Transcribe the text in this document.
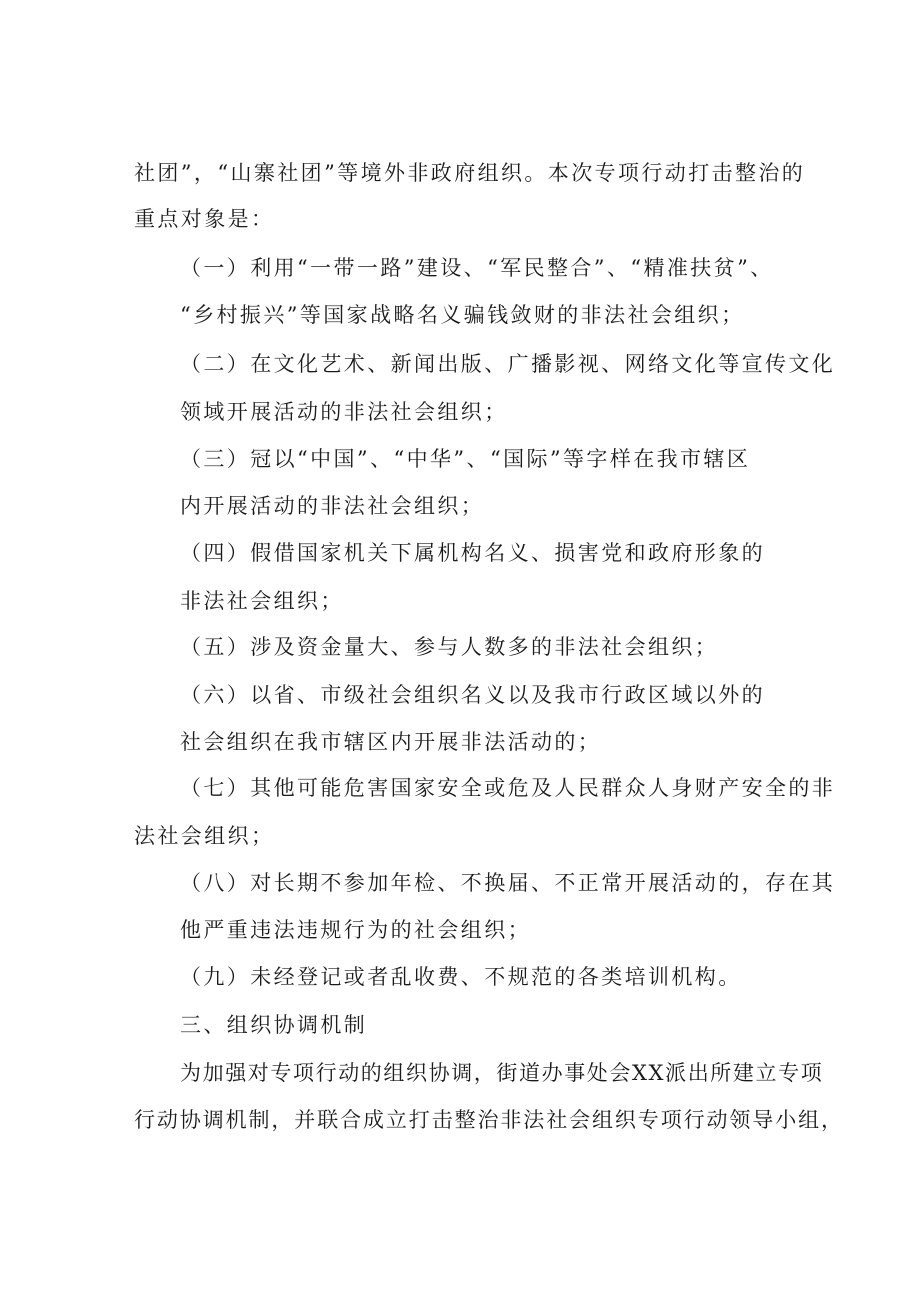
社团”，“山寨社团”等境外非政府组织。本次专项行动打击整治的
重点对象是：
（一）利用“一带一路”建设、“军民整合”、“精准扶贫”、
“乡村振兴”等国家战略名义骗钱敛财的非法社会组织；
（二）在文化艺术、新闻出版、广播影视、网络文化等宣传文化
领域开展活动的非法社会组织；
（三）冠以“中国”、“中华”、“国际”等字样在我市辖区
内开展活动的非法社会组织；
（四）假借国家机关下属机构名义、损害党和政府形象的
非法社会组织；
（五）涉及资金量大、参与人数多的非法社会组织；
（六）以省、市级社会组织名义以及我市行政区域以外的
社会组织在我市辖区内开展非法活动的；
（七）其他可能危害国家安全或危及人民群众人身财产安全的非
法社会组织；
（八）对长期不参加年检、不换届、不正常开展活动的，存在其
他严重违法违规行为的社会组织；
（九）未经登记或者乱收费、不规范的各类培训机构。
三、组织协调机制
为加强对专项行动的组织协调，街道办事处会XX派出所建立专项
行动协调机制，并联合成立打击整治非法社会组织专项行动领导小组，
